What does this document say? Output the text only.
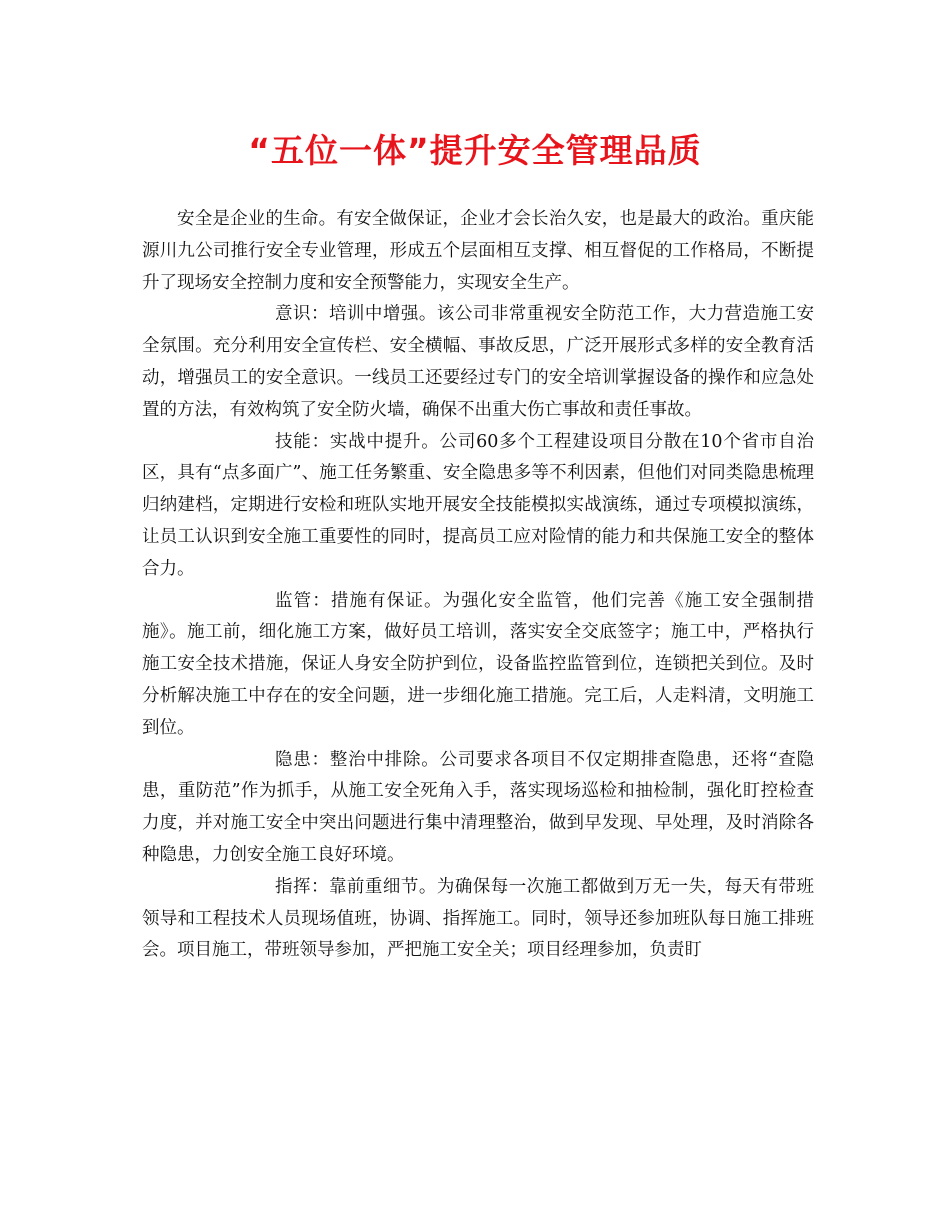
“五位一体”提升安全管理品质

安全是企业的生命。有安全做保证，企业才会长治久安，也是最大的政治。重庆能源川九公司推行安全专业管理，形成五个层面相互支撑、相互督促的工作格局，不断提升了现场安全控制力度和安全预警能力，实现安全生产。

意识：培训中增强。该公司非常重视安全防范工作，大力营造施工安全氛围。充分利用安全宣传栏、安全横幅、事故反思，广泛开展形式多样的安全教育活动，增强员工的安全意识。一线员工还要经过专门的安全培训掌握设备的操作和应急处置的方法，有效构筑了安全防火墙，确保不出重大伤亡事故和责任事故。

技能：实战中提升。公司60多个工程建设项目分散在10个省市自治区，具有“点多面广”、施工任务繁重、安全隐患多等不利因素，但他们对同类隐患梳理归纳建档，定期进行安检和班队实地开展安全技能模拟实战演练，通过专项模拟演练，让员工认识到安全施工重要性的同时，提高员工应对险情的能力和共保施工安全的整体合力。

监管：措施有保证。为强化安全监管，他们完善《施工安全强制措施》。施工前，细化施工方案，做好员工培训，落实安全交底签字；施工中，严格执行施工安全技术措施，保证人身安全防护到位，设备监控监管到位，连锁把关到位。及时分析解决施工中存在的安全问题，进一步细化施工措施。完工后，人走料清，文明施工到位。

隐患：整治中排除。公司要求各项目不仅定期排查隐患，还将“查隐患，重防范”作为抓手，从施工安全死角入手，落实现场巡检和抽检制，强化盯控检查力度，并对施工安全中突出问题进行集中清理整治，做到早发现、早处理，及时消除各种隐患，力创安全施工良好环境。

指挥：靠前重细节。为确保每一次施工都做到万无一失，每天有带班领导和工程技术人员现场值班，协调、指挥施工。同时，领导还参加班队每日施工排班会。项目施工，带班领导参加，严把施工安全关；项目经理参加，负责盯
